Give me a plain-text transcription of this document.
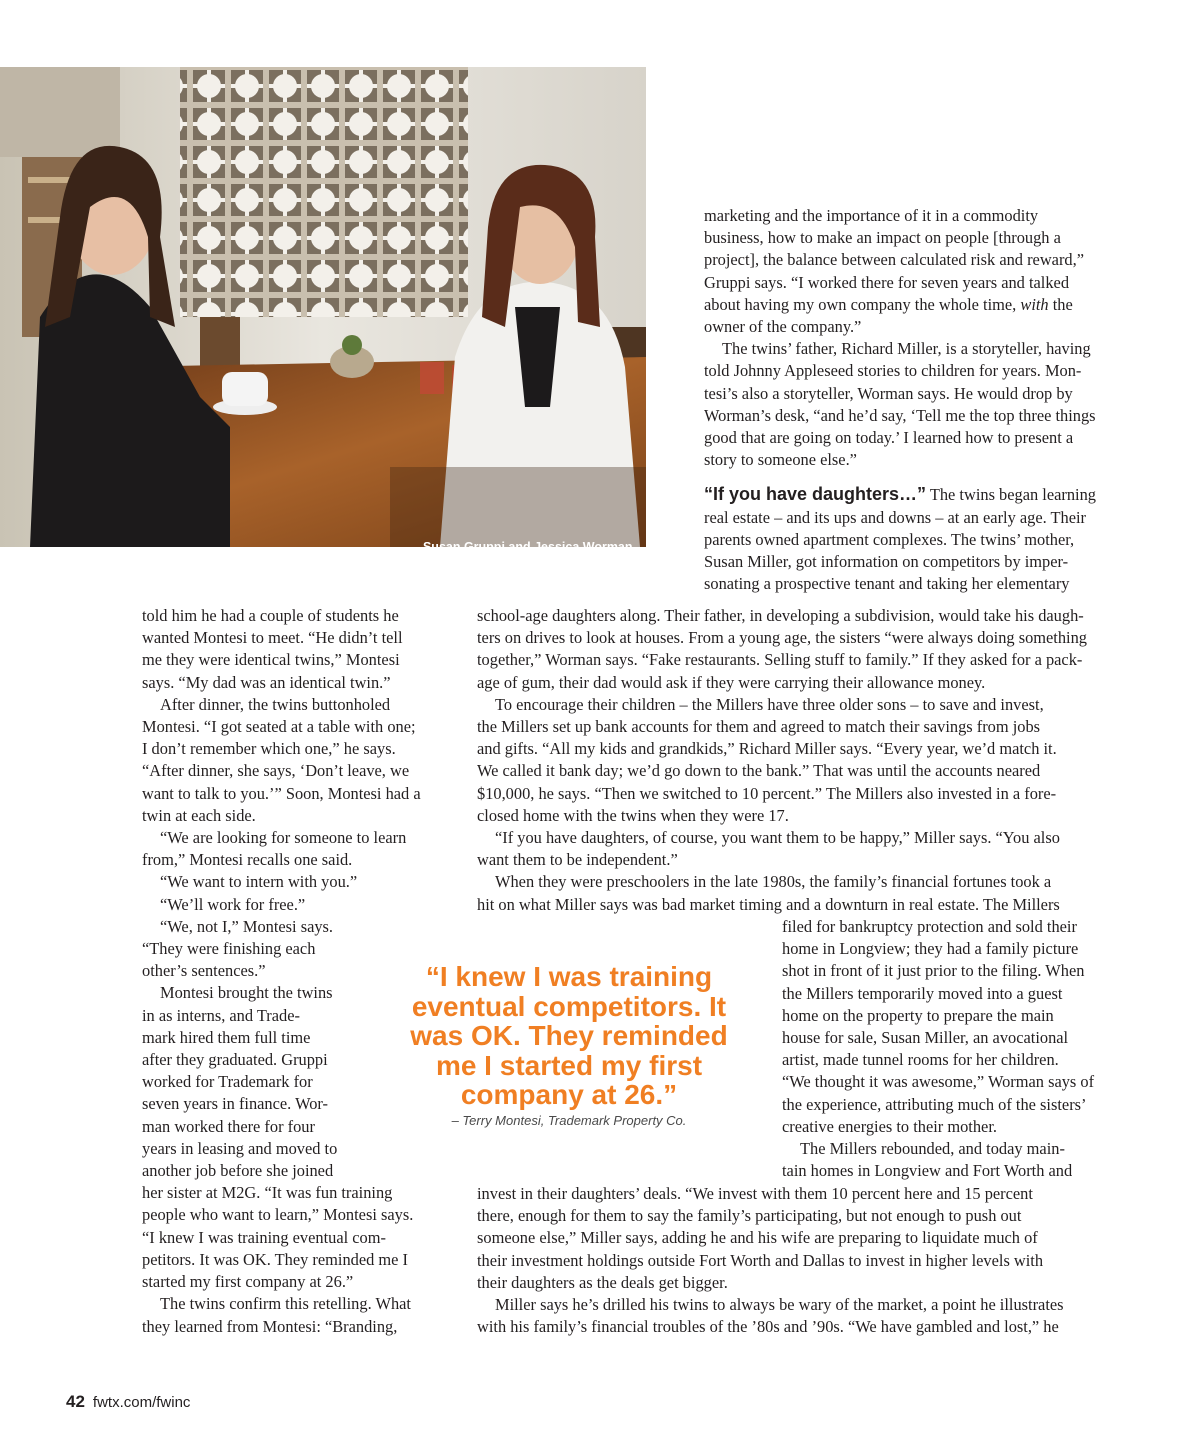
Susan Gruppi and Jessica Worman,
twin co-founders of M2G Ventures,
at the new Craftwork Coffee cafe in
their Foundry District development.

marketing and the importance of it in a commodity
business, how to make an impact on people [through a
project], the balance between calculated risk and reward,”
Gruppi says. “I worked there for seven years and talked
about having my own company the whole time, with the
owner of the company.”

The twins’ father, Richard Miller, is a storyteller, having
told Johnny Appleseed stories to children for years. Mon-
tesi’s also a storyteller, Worman says. He would drop by
Worman’s desk, “and he’d say, ‘Tell me the top three things
good that are going on today.’ I learned how to present a
story to someone else.”

“If you have daughters…” The twins began learning
real estate – and its ups and downs – at an early age. Their
parents owned apartment complexes. The twins’ mother,
Susan Miller, got information on competitors by imper-
sonating a prospective tenant and taking her elementary

told him he had a couple of students he
wanted Montesi to meet. “He didn’t tell
me they were identical twins,” Montesi
says. “My dad was an identical twin.”

After dinner, the twins buttonholed
Montesi. “I got seated at a table with one;
I don’t remember which one,” he says.
“After dinner, she says, ‘Don’t leave, we
want to talk to you.’” Soon, Montesi had a
twin at each side.

“We are looking for someone to learn
from,” Montesi recalls one said.

“We want to intern with you.”

“We’ll work for free.”

“We, not I,” Montesi says.
“They were finishing each
other’s sentences.”

Montesi brought the twins
in as interns, and Trade-
mark hired them full time
after they graduated. Gruppi
worked for Trademark for
seven years in finance. Wor-
man worked there for four
years in leasing and moved to
another job before she joined
her sister at M2G. “It was fun training
people who want to learn,” Montesi says.
“I knew I was training eventual com-
petitors. It was OK. They reminded me I
started my first company at 26.”

The twins confirm this retelling. What
they learned from Montesi: “Branding,

school-age daughters along. Their father, in developing a subdivision, would take his daugh-
ters on drives to look at houses. From a young age, the sisters “were always doing something
together,” Worman says. “Fake restaurants. Selling stuff to family.” If they asked for a pack-
age of gum, their dad would ask if they were carrying their allowance money.

To encourage their children – the Millers have three older sons – to save and invest,
the Millers set up bank accounts for them and agreed to match their savings from jobs
and gifts. “All my kids and grandkids,” Richard Miller says. “Every year, we’d match it.
We called it bank day; we’d go down to the bank.” That was until the accounts neared
$10,000, he says. “Then we switched to 10 percent.” The Millers also invested in a fore-
closed home with the twins when they were 17.

“If you have daughters, of course, you want them to be happy,” Miller says. “You also
want them to be independent.”

When they were preschoolers in the late 1980s, the family’s financial fortunes took a
hit on what Miller says was bad market timing and a downturn in real estate. The Millers

filed for bankruptcy protection and sold their
home in Longview; they had a family picture
shot in front of it just prior to the filing. When
the Millers temporarily moved into a guest
home on the property to prepare the main
house for sale, Susan Miller, an avocational
artist, made tunnel rooms for her children.
“We thought it was awesome,” Worman says of
the experience, attributing much of the sisters’
creative energies to their mother.

The Millers rebounded, and today main-
tain homes in Longview and Fort Worth and

invest in their daughters’ deals. “We invest with them 10 percent here and 15 percent
there, enough for them to say the family’s participating, but not enough to push out
someone else,” Miller says, adding he and his wife are preparing to liquidate much of
their investment holdings outside Fort Worth and Dallas to invest in higher levels with
their daughters as the deals get bigger.

Miller says he’s drilled his twins to always be wary of the market, a point he illustrates
with his family’s financial troubles of the ’80s and ’90s. “We have gambled and lost,” he

“I knew I was training
eventual competitors. It
was OK. They reminded
me I started my first
company at 26.”
– Terry Montesi, Trademark Property Co.
42 fwtx.com/fwinc
